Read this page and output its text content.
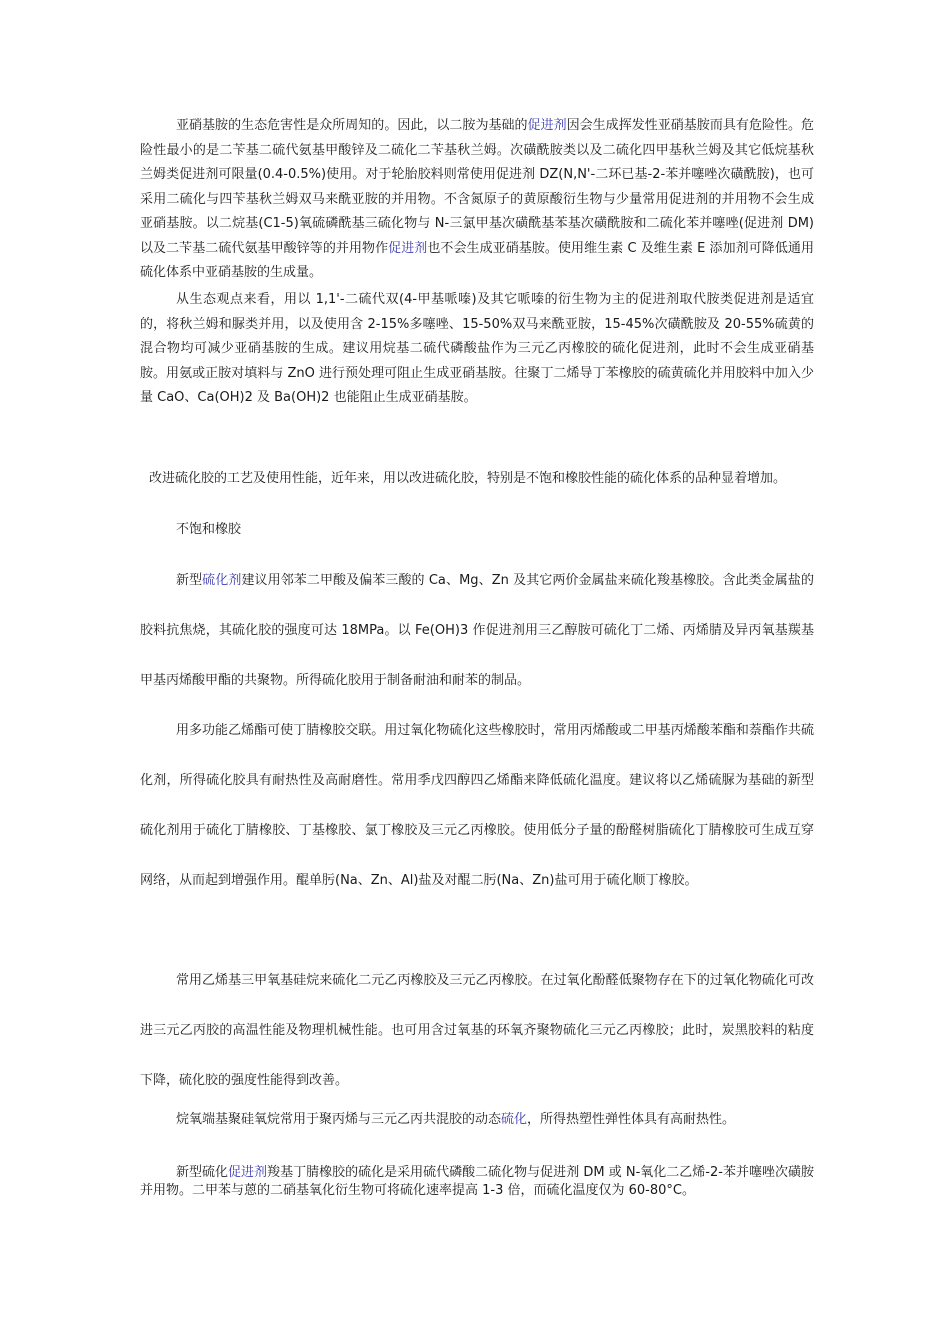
亚硝基胺的生态危害性是众所周知的。因此，以二胺为基础的促进剂因会生成挥发性亚硝基胺而具有危险性。危险性最小的是二苄基二硫代氨基甲酸锌及二硫化二苄基秋兰姆。次磺酰胺类以及二硫化四甲基秋兰姆及其它低烷基秋兰姆类促进剂可限量(0.4-0.5%)使用。对于轮胎胶料则常使用促进剂 DZ(N,N'-二环已基-2-苯并噻唑次磺酰胺)，也可采用二硫化与四苄基秋兰姆双马来酰亚胺的并用物。不含氮原子的黄原酸衍生物与少量常用促进剂的并用物不会生成亚硝基胺。以二烷基(C1-5)氧硫磷酰基三硫化物与 N-三氯甲基次磺酰基苯基次磺酰胺和二硫化苯并噻唑(促进剂 DM)以及二苄基二硫代氨基甲酸锌等的并用物作促进剂也不会生成亚硝基胺。使用维生素 C 及维生素 E 添加剂可降低通用硫化体系中亚硝基胺的生成量。

从生态观点来看，用以 1,1'-二硫代双(4-甲基哌嗪)及其它哌嗪的衍生物为主的促进剂取代胺类促进剂是适宜的，将秋兰姆和脲类并用，以及使用含 2-15%多噻唑、15-50%双马来酰亚胺，15-45%次磺酰胺及 20-55%硫黄的混合物均可减少亚硝基胺的生成。建议用烷基二硫代磷酸盐作为三元乙丙橡胶的硫化促进剂，此时不会生成亚硝基胺。用氨或正胺对填料与 ZnO 进行预处理可阻止生成亚硝基胺。往聚丁二烯导丁苯橡胶的硫黄硫化并用胶料中加入少量 CaO、Ca(OH)2 及 Ba(OH)2 也能阻止生成亚硝基胺。

改进硫化胶的工艺及使用性能，近年来，用以改进硫化胶，特别是不饱和橡胶性能的硫化体系的品种显着增加。

不饱和橡胶

新型硫化剂建议用邻苯二甲酸及偏苯三酸的 Ca、Mg、Zn 及其它两价金属盐来硫化羧基橡胶。含此类金属盐的胶料抗焦烧，其硫化胶的强度可达 18MPa。以 Fe(OH)3 作促进剂用三乙醇胺可硫化丁二烯、丙烯腈及异丙氧基羰基甲基丙烯酸甲酯的共聚物。所得硫化胶用于制备耐油和耐苯的制品。

用多功能乙烯酯可使丁腈橡胶交联。用过氧化物硫化这些橡胶时，常用丙烯酸或二甲基丙烯酸苯酯和萘酯作共硫化剂，所得硫化胶具有耐热性及高耐磨性。常用季戊四醇四乙烯酯来降低硫化温度。建议将以乙烯硫脲为基础的新型硫化剂用于硫化丁腈橡胶、丁基橡胶、氯丁橡胶及三元乙丙橡胶。使用低分子量的酚醛树脂硫化丁腈橡胶可生成互穿网络，从而起到增强作用。醌单肟(Na、Zn、Al)盐及对醌二肟(Na、Zn)盐可用于硫化顺丁橡胶。

常用乙烯基三甲氧基硅烷来硫化二元乙丙橡胶及三元乙丙橡胶。在过氧化酚醛低聚物存在下的过氧化物硫化可改进三元乙丙胶的高温性能及物理机械性能。也可用含过氧基的环氧齐聚物硫化三元乙丙橡胶；此时，炭黑胶料的粘度下降，硫化胶的强度性能得到改善。

烷氧端基聚硅氧烷常用于聚丙烯与三元乙丙共混胶的动态硫化，所得热塑性弹性体具有高耐热性。

新型硫化促进剂羧基丁腈橡胶的硫化是采用硫代磷酸二硫化物与促进剂 DM 或 N-氧化二乙烯-2-苯并噻唑次磺胺并用物。二甲苯与蒽的二硝基氧化衍生物可将硫化速率提高 1-3 倍，而硫化温度仅为 60-80°C。
